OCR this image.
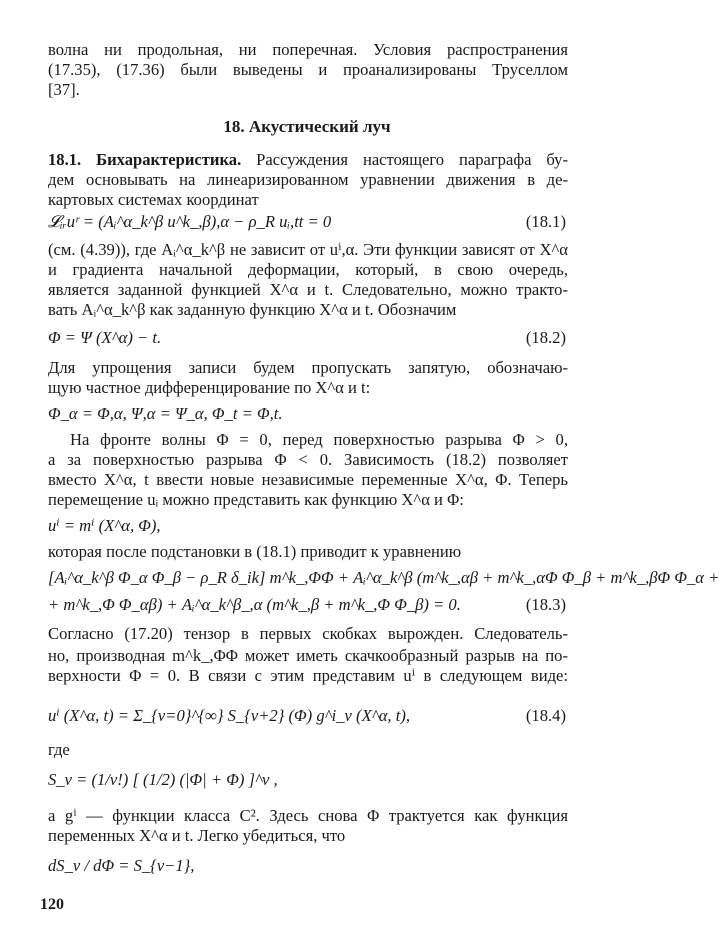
волна ни продольная, ни поперечная. Условия распространения
(17.35), (17.36) были выведены и проанализированы Труселлом
[37].
18. Акустический луч
18.1. Бихарактеристика. Рассуждения настоящего параграфа бу-
дем основывать на линеаризированном уравнении движения в де-
картовых системах координат
𝓛ᵢᵣuʳ = (Aᵢ^α_k^β u^k_,β),α − ρ_R uᵢ,tt = 0	(18.1)
(см. (4.39)), где Aᵢ^α_k^β не зависит от uⁱ,α. Эти функции зависят от X^α
и градиента начальной деформации, который, в свою очередь,
является заданной функцией X^α и t. Следовательно, можно тракто-
вать Aᵢ^α_k^β как заданную функцию X^α и t. Обозначим
Φ = Ψ (X^α) − t.	(18.2)
Для упрощения записи будем пропускать запятую, обозначаю-
щую частное дифференцирование по X^α и t:
Φ_α = Φ,α, Ψ,α = Ψ_α, Φ_t = Φ,t.
На фронте волны Φ = 0, перед поверхностью разрыва Φ > 0,
а за поверхностью разрыва Φ < 0. Зависимость (18.2) позволяет
вместо X^α, t ввести новые независимые переменные X^α, Φ. Теперь
перемещение uᵢ можно представить как функцию X^α и Φ:
uⁱ = mⁱ (X^α, Φ),
которая после подстановки в (18.1) приводит к уравнению
[Aᵢ^α_k^β Φ_α Φ_β − ρ_R δ_ik] m^k_,ΦΦ + Aᵢ^α_k^β (m^k_,αβ + m^k_,αΦ Φ_β + m^k_,βΦ Φ_α +
+ m^k_,Φ Φ_αβ) + Aᵢ^α_k^β_,α (m^k_,β + m^k_,Φ Φ_β) = 0.	(18.3)
Согласно (17.20) тензор в первых скобках вырожден. Следователь-
но, производная m^k_,ΦΦ может иметь скачкообразный разрыв на по-
верхности Φ = 0. В связи с этим представим uⁱ в следующем виде:
uⁱ (X^α, t) = Σ_{ν=0}^{∞} S_{ν+2} (Φ) g^i_ν (X^α, t),	(18.4)
где
S_ν = (1/ν!) [ (1/2) (|Φ| + Φ) ]^ν ,
а gⁱ — функции класса C². Здесь снова Φ трактуется как функция
переменных X^α и t. Легко убедиться, что
dS_ν / dΦ = S_{ν−1},
120
